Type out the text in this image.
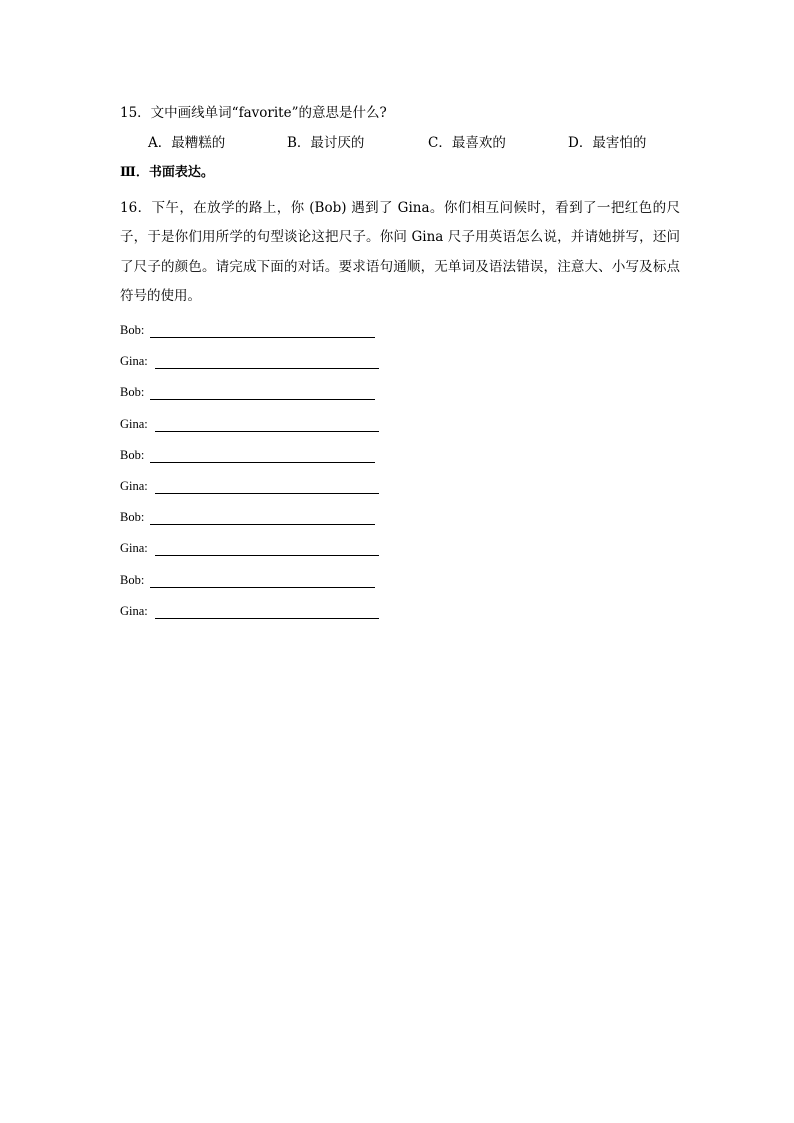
15．文中画线单词“favorite”的意思是什么?
A．最糟糕的	B．最讨厌的	C．最喜欢的	D．最害怕的
Ⅲ．书面表达。
16．下午，在放学的路上，你 (Bob) 遇到了 Gina。你们相互问候时，看到了一把红色的尺子，于是你们用所学的句型谈论这把尺子。你问 Gina 尺子用英语怎么说，并请她拼写，还问了尺子的颜色。请完成下面的对话。要求语句通顺，无单词及语法错误，注意大、小写及标点符号的使用。
Bob:
Gina:
Bob:
Gina:
Bob:
Gina:
Bob:
Gina:
Bob:
Gina:
